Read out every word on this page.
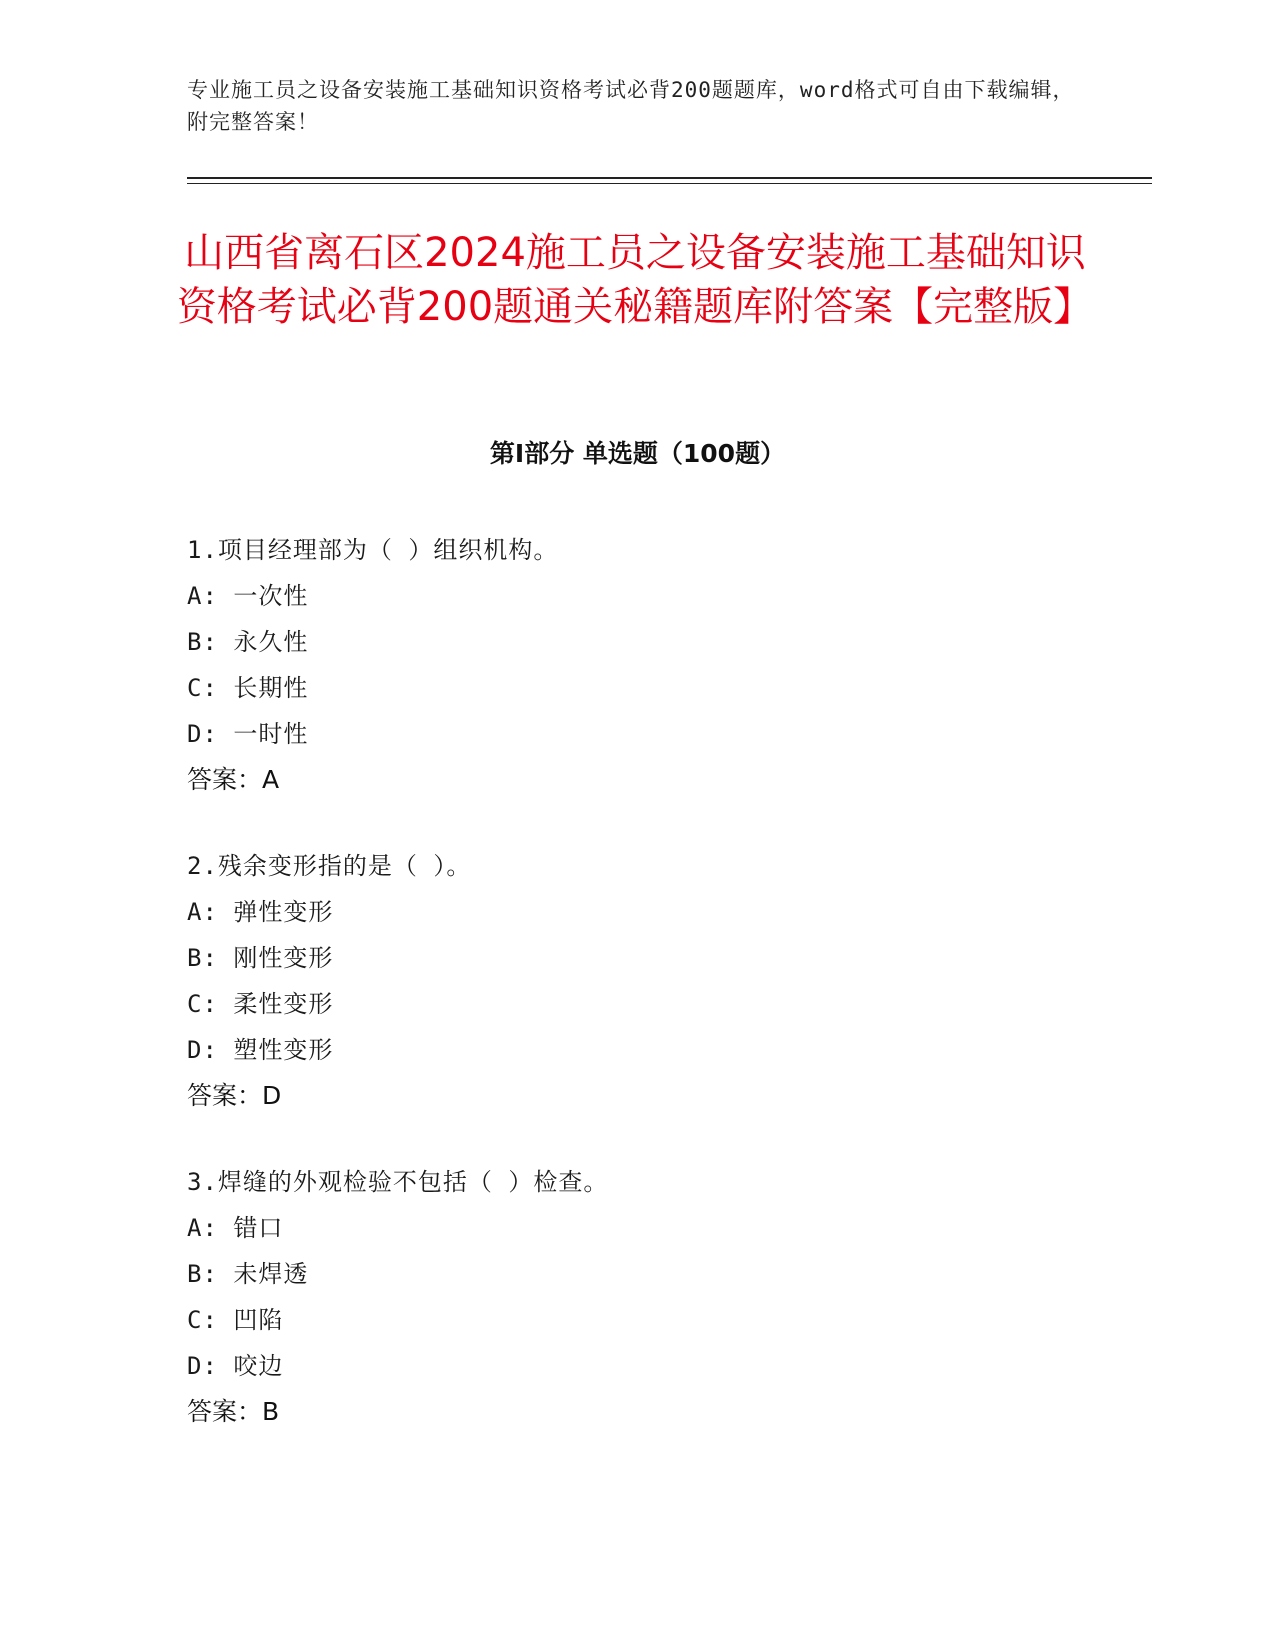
专业施工员之设备安装施工基础知识资格考试必背200题题库，word格式可自由下载编辑，附完整答案！
山西省离石区2024施工员之设备安装施工基础知识资格考试必背200题通关秘籍题库附答案【完整版】
第Ⅰ部分 单选题（100题）
1.项目经理部为（ ）组织机构。
A: 一次性
B: 永久性
C: 长期性
D: 一时性
答案：A
2.残余变形指的是（ ）。
A: 弹性变形
B: 刚性变形
C: 柔性变形
D: 塑性变形
答案：D
3.焊缝的外观检验不包括（ ）检查。
A: 错口
B: 未焊透
C: 凹陷
D: 咬边
答案：B
